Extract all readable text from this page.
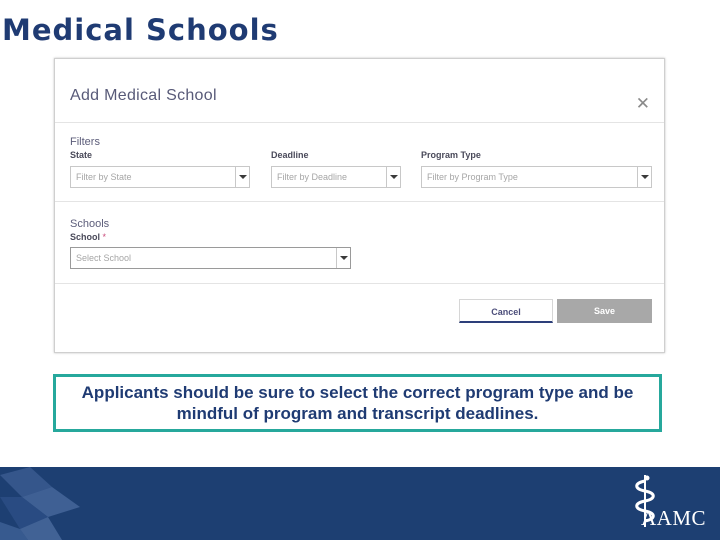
Medical Schools
Add Medical School	✕
Filters
State
Filter by State
Deadline
Filter by Deadline
Program Type
Filter by Program Type
Schools
School *
Select School
Cancel	Save
Applicants should be sure to select the correct program type and be mindful of program and transcript deadlines.
AAMC
